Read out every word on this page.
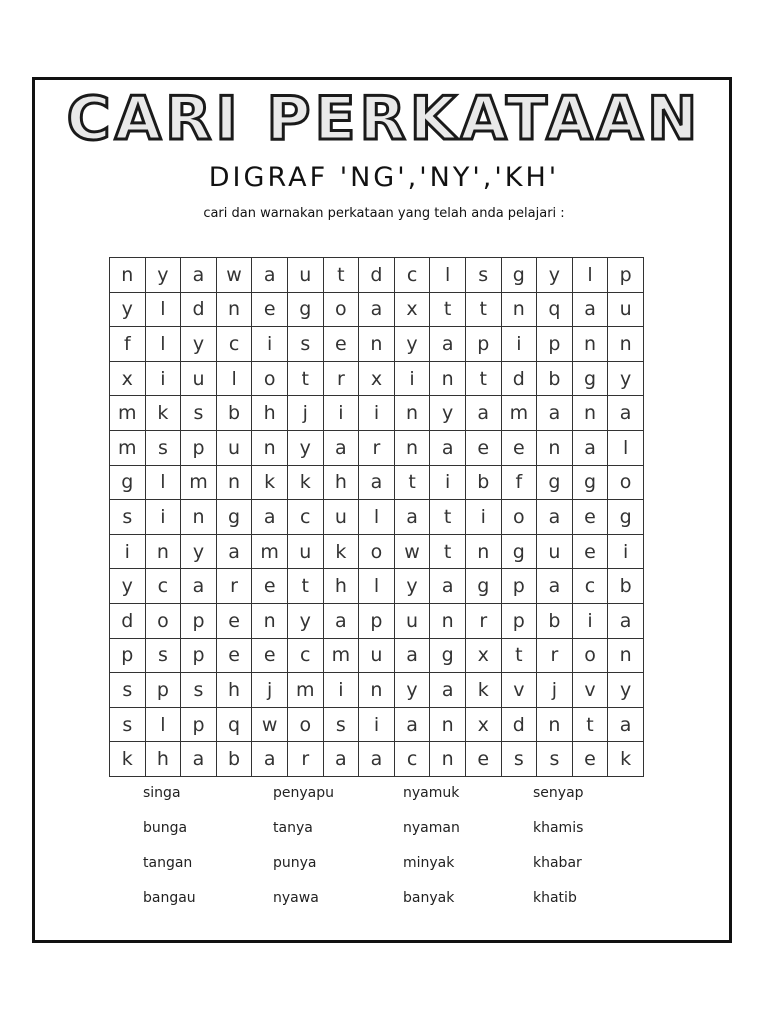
CARI PERKATAAN
DIGRAF 'NG','NY','KH'
cari dan warnakan perkataan yang telah anda pelajari :
n	y	a	w	a	u	t	d	c	l	s	g	y	l	p
y	l	d	n	e	g	o	a	x	t	t	n	q	a	u
f	l	y	c	i	s	e	n	y	a	p	i	p	n	n
x	i	u	l	o	t	r	x	i	n	t	d	b	g	y
m	k	s	b	h	j	i	i	n	y	a	m	a	n	a
m	s	p	u	n	y	a	r	n	a	e	e	n	a	l
g	l	m	n	k	k	h	a	t	i	b	f	g	g	o
s	i	n	g	a	c	u	l	a	t	i	o	a	e	g
i	n	y	a	m	u	k	o	w	t	n	g	u	e	i
y	c	a	r	e	t	h	l	y	a	g	p	a	c	b
d	o	p	e	n	y	a	p	u	n	r	p	b	i	a
p	s	p	e	e	c	m	u	a	g	x	t	r	o	n
s	p	s	h	j	m	i	n	y	a	k	v	j	v	y
s	l	p	q	w	o	s	i	a	n	x	d	n	t	a
k	h	a	b	a	r	a	a	c	n	e	s	s	e	k
singa	penyapu	nyamuk	senyap
bunga	tanya	nyaman	khamis
tangan	punya	minyak	khabar
bangau	nyawa	banyak	khatib
